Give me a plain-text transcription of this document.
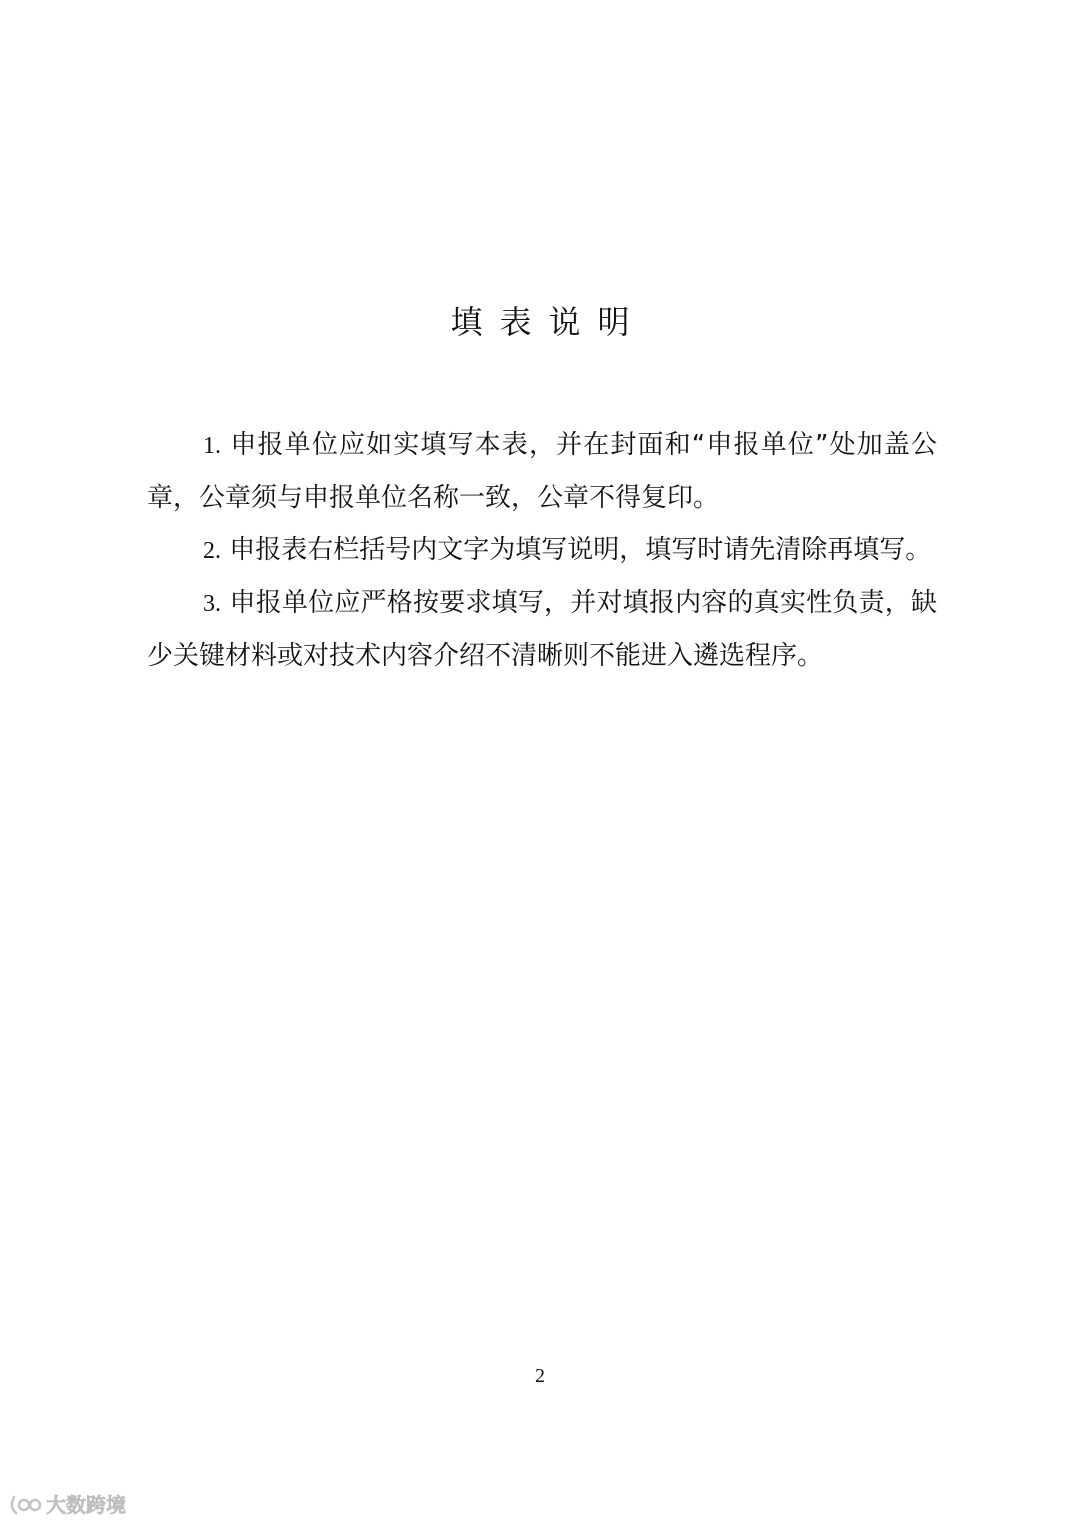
填表说明

1. 申报单位应如实填写本表，并在封面和“申报单位”处加盖公章，公章须与申报单位名称一致，公章不得复印。

2. 申报表右栏括号内文字为填写说明，填写时请先清除再填写。

3. 申报单位应严格按要求填写，并对填报内容的真实性负责，缺少关键材料或对技术内容介绍不清晰则不能进入遴选程序。

2
大数跨境
